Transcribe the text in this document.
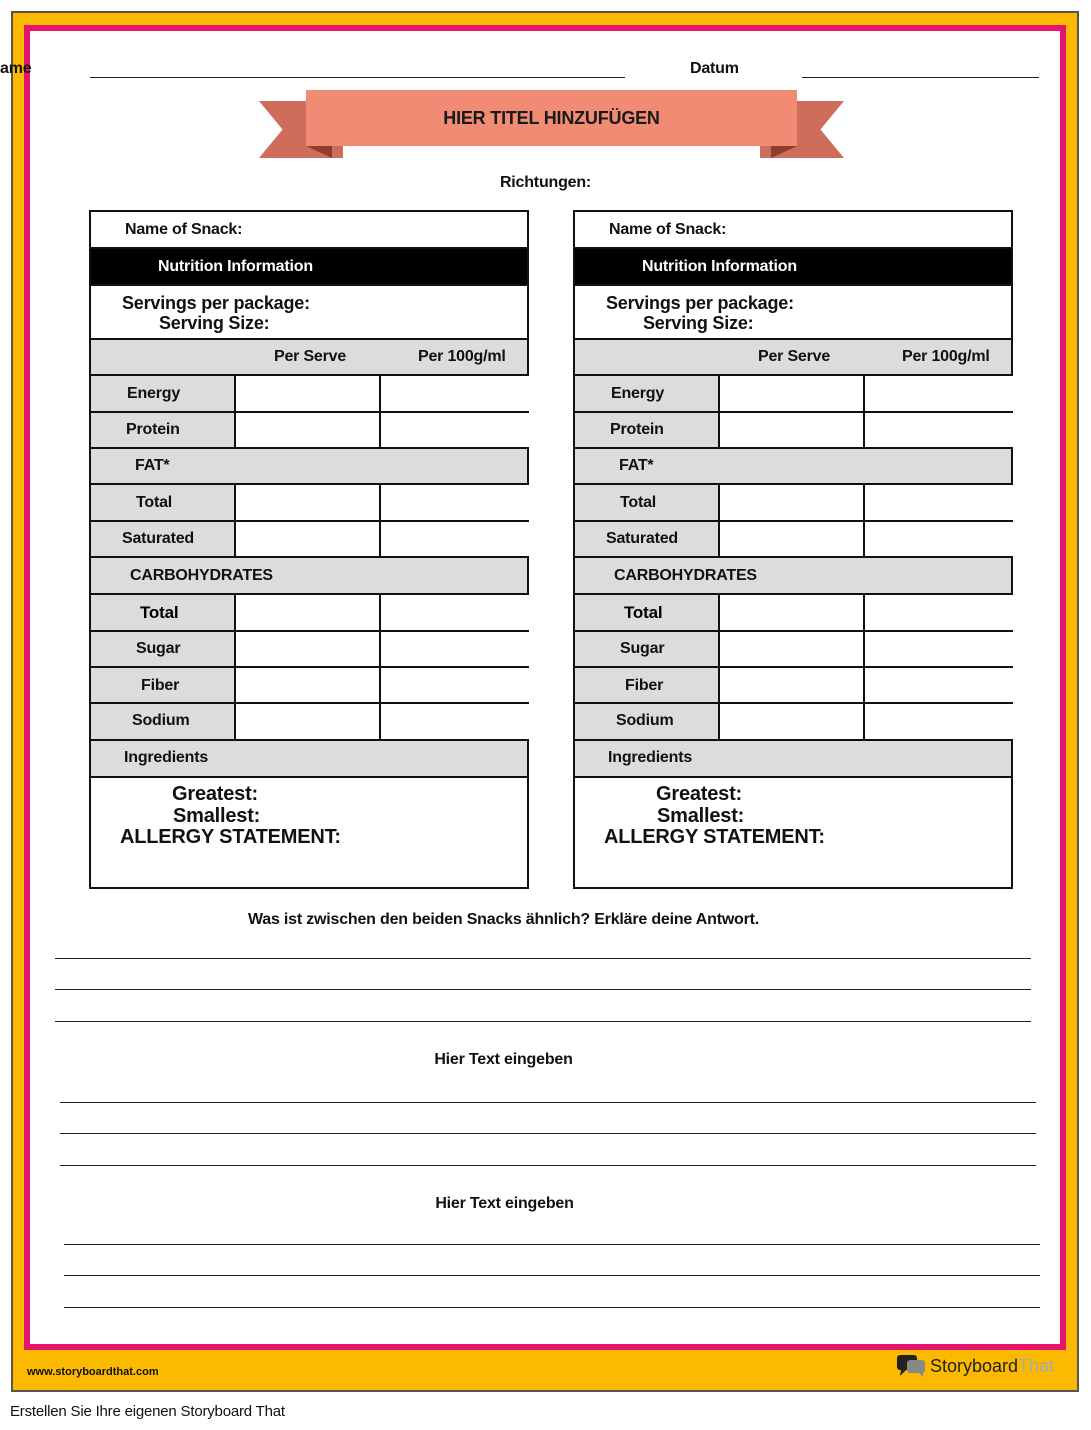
ame	Datum
HIER TITEL HINZUFÜGEN
Richtungen:
Name of Snack:
Nutrition Information
Servings per package:
Serving Size:
Per Serve	Per 100g/ml
Energy
Protein
FAT*
Total
Saturated
CARBOHYDRATES
Total
Sugar
Fiber
Sodium
Ingredients
Greatest:
Smallest:
ALLERGY STATEMENT:
Name of Snack:
Nutrition Information
Servings per package:
Serving Size:
Per Serve	Per 100g/ml
Energy
Protein
FAT*
Total
Saturated
CARBOHYDRATES
Total
Sugar
Fiber
Sodium
Ingredients
Greatest:
Smallest:
ALLERGY STATEMENT:
Was ist zwischen den beiden Snacks ähnlich? Erkläre deine Antwort.
Hier Text eingeben
Hier Text eingeben
www.storyboardthat.com	StoryboardThat
Erstellen Sie Ihre eigenen Storyboard That
